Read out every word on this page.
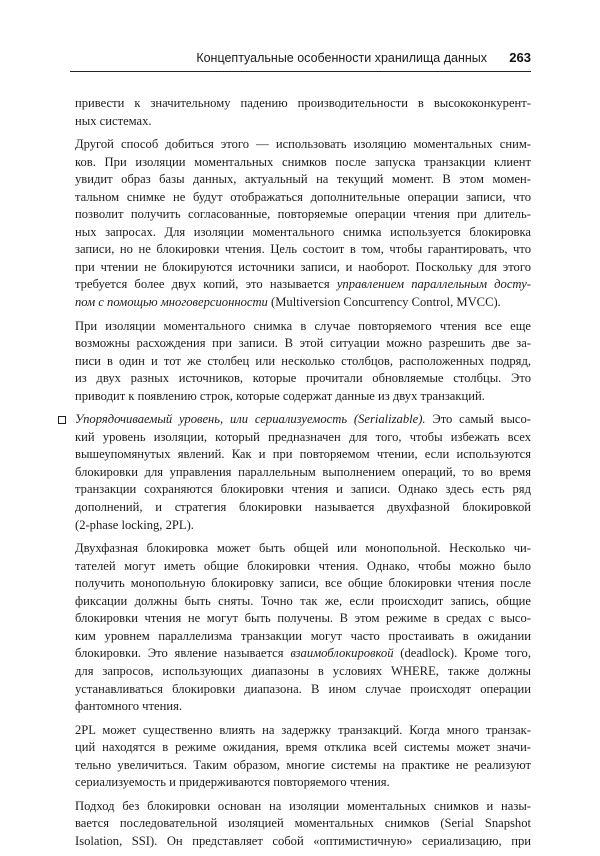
Концептуальные особенности хранилища данных 263
привести к значительному падению производительности в высококонкурент-
ных системах.
Другой способ добиться этого — использовать изоляцию моментальных сним-
ков. При изоляции моментальных снимков после запуска транзакции клиент
увидит образ базы данных, актуальный на текущий момент. В этом момен-
тальном снимке не будут отображаться дополнительные операции записи, что
позволит получить согласованные, повторяемые операции чтения при длитель-
ных запросах. Для изоляции моментального снимка используется блокировка
записи, но не блокировки чтения. Цель состоит в том, чтобы гарантировать, что
при чтении не блокируются источники записи, и наоборот. Поскольку для этого
требуется более двух копий, это называется управлением параллельным досту-
пом с помощью многоверсионности (Multiversion Concurrency Control, MVCC).
При изоляции моментального снимка в случае повторяемого чтения все еще
возможны расхождения при записи. В этой ситуации можно разрешить две за-
писи в один и тот же столбец или несколько столбцов, расположенных подряд,
из двух разных источников, которые прочитали обновляемые столбцы. Это
приводит к появлению строк, которые содержат данные из двух транзакций.
Упорядочиваемый уровень, или сериализуемость (Serializable). Это самый высо-
кий уровень изоляции, который предназначен для того, чтобы избежать всех
вышеупомянутых явлений. Как и при повторяемом чтении, если используются
блокировки для управления параллельным выполнением операций, то во время
транзакции сохраняются блокировки чтения и записи. Однако здесь есть ряд
дополнений, и стратегия блокировки называется двухфазной блокировкой
(2-phase locking, 2PL).
Двухфазная блокировка может быть общей или монопольной. Несколько чи-
тателей могут иметь общие блокировки чтения. Однако, чтобы можно было
получить монопольную блокировку записи, все общие блокировки чтения после
фиксации должны быть сняты. Точно так же, если происходит запись, общие
блокировки чтения не могут быть получены. В этом режиме в средах с высо-
ким уровнем параллелизма транзакции могут часто простаивать в ожидании
блокировки. Это явление называется взаимоблокировкой (deadlock). Кроме того,
для запросов, использующих диапазоны в условиях WHERE, также должны
устанавливаться блокировки диапазона. В ином случае происходят операции
фантомного чтения.
2PL может существенно влиять на задержку транзакций. Когда много транзак-
ций находятся в режиме ожидания, время отклика всей системы может значи-
тельно увеличиться. Таким образом, многие системы на практике не реализуют
сериализуемость и придерживаются повторяемого чтения.
Подход без блокировки основан на изоляции моментальных снимков и назы-
вается последовательной изоляцией моментальных снимков (Serial Snapshot
Isolation, SSI). Он представляет собой «оптимистичную» сериализацию, при
